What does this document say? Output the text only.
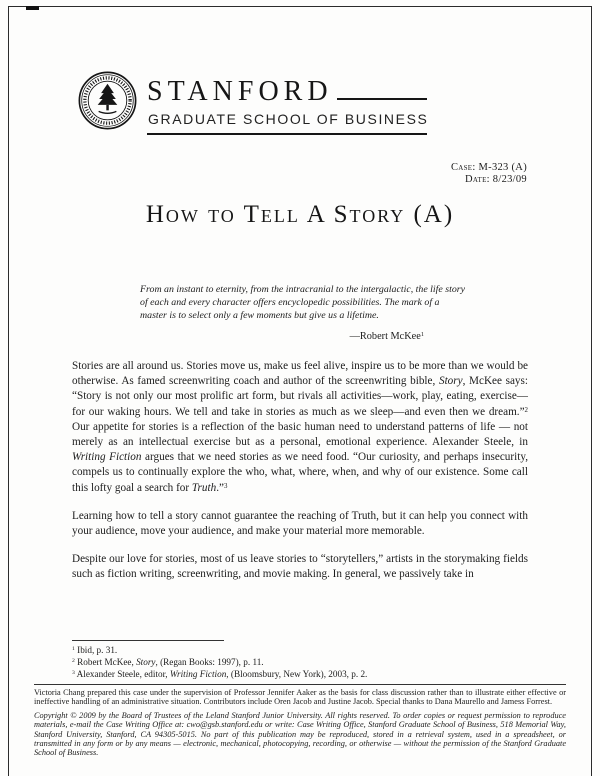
STANFORD
GRADUATE SCHOOL OF BUSINESS
Case: M-323 (A)
Date: 8/23/09
How to Tell A Story (A)
From an instant to eternity, from the intracranial to the intergalactic, the life story of each and every character offers encyclopedic possibilities. The mark of a master is to select only a few moments but give us a lifetime.
—Robert McKee$^1$

Stories are all around us. Stories move us, make us feel alive, inspire us to be more than we would be otherwise. As famed screenwriting coach and author of the screenwriting bible, Story, McKee says: “Story is not only our most prolific art form, but rivals all activities—work, play, eating, exercise—for our waking hours. We tell and take in stories as much as we sleep—and even then we dream.”$^2$ Our appetite for stories is a reflection of the basic human need to understand patterns of life — not merely as an intellectual exercise but as a personal, emotional experience. Alexander Steele, in Writing Fiction argues that we need stories as we need food. “Our curiosity, and perhaps insecurity, compels us to continually explore the who, what, where, when, and why of our existence. Some call this lofty goal a search for Truth.”$^3$

Learning how to tell a story cannot guarantee the reaching of Truth, but it can help you connect with your audience, move your audience, and make your material more memorable.

Despite our love for stories, most of us leave stories to “storytellers,” artists in the storymaking fields such as fiction writing, screenwriting, and movie making. In general, we passively take in

$^1$ Ibid, p. 31.

$^2$ Robert McKee, Story, (Regan Books: 1997), p. 11.

$^3$ Alexander Steele, editor, Writing Fiction, (Bloomsbury, New York), 2003, p. 2.

Victoria Chang prepared this case under the supervision of Professor Jennifer Aaker as the basis for class discussion rather than to illustrate either effective or ineffective handling of an administrative situation. Contributors include Oren Jacob and Justine Jacob. Special thanks to Dana Maurello and Jamess Forrest.

Copyright © 2009 by the Board of Trustees of the Leland Stanford Junior University. All rights reserved. To order copies or request permission to reproduce materials, e-mail the Case Writing Office at: cwo@gsb.stanford.edu or write: Case Writing Office, Stanford Graduate School of Business, 518 Memorial Way, Stanford University, Stanford, CA 94305-5015. No part of this publication may be reproduced, stored in a retrieval system, used in a spreadsheet, or transmitted in any form or by any means — electronic, mechanical, photocopying, recording, or otherwise — without the permission of the Stanford Graduate School of Business.
